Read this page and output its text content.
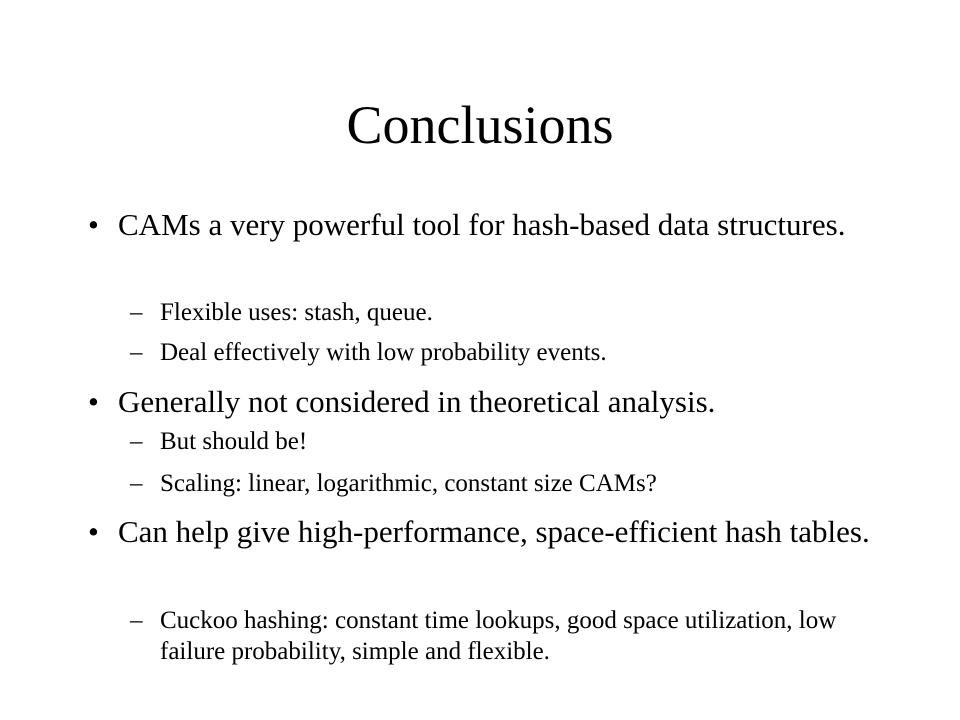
Conclusions
• CAMs a very powerful tool for hash-based data structures.
– Flexible uses: stash, queue.
– Deal effectively with low probability events.
• Generally not considered in theoretical analysis.
– But should be!
– Scaling: linear, logarithmic, constant size CAMs?
• Can help give high-performance, space-efficient hash tables.
– Cuckoo hashing: constant time lookups, good space utilization, low failure probability, simple and flexible.
